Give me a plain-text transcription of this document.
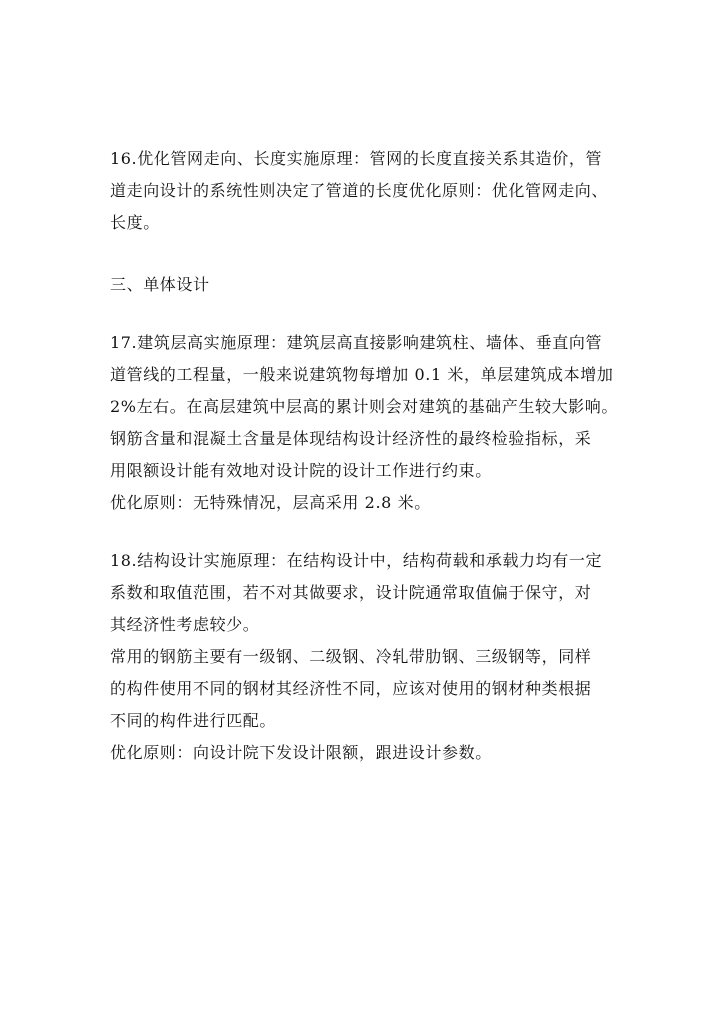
16.优化管网走向、长度实施原理：管网的长度直接关系其造价，管
道走向设计的系统性则决定了管道的长度优化原则：优化管网走向、
长度。
三、单体设计
17.建筑层高实施原理：建筑层高直接影响建筑柱、墙体、垂直向管
道管线的工程量，一般来说建筑物每增加 0.1 米，单层建筑成本增加
2%左右。在高层建筑中层高的累计则会对建筑的基础产生较大影响。
钢筋含量和混凝土含量是体现结构设计经济性的最终检验指标，采
用限额设计能有效地对设计院的设计工作进行约束。
优化原则：无特殊情况，层高采用 2.8 米。
18.结构设计实施原理：在结构设计中，结构荷载和承载力均有一定
系数和取值范围，若不对其做要求，设计院通常取值偏于保守，对
其经济性考虑较少。
常用的钢筋主要有一级钢、二级钢、冷轧带肋钢、三级钢等，同样
的构件使用不同的钢材其经济性不同，应该对使用的钢材种类根据
不同的构件进行匹配。
优化原则：向设计院下发设计限额，跟进设计参数。
